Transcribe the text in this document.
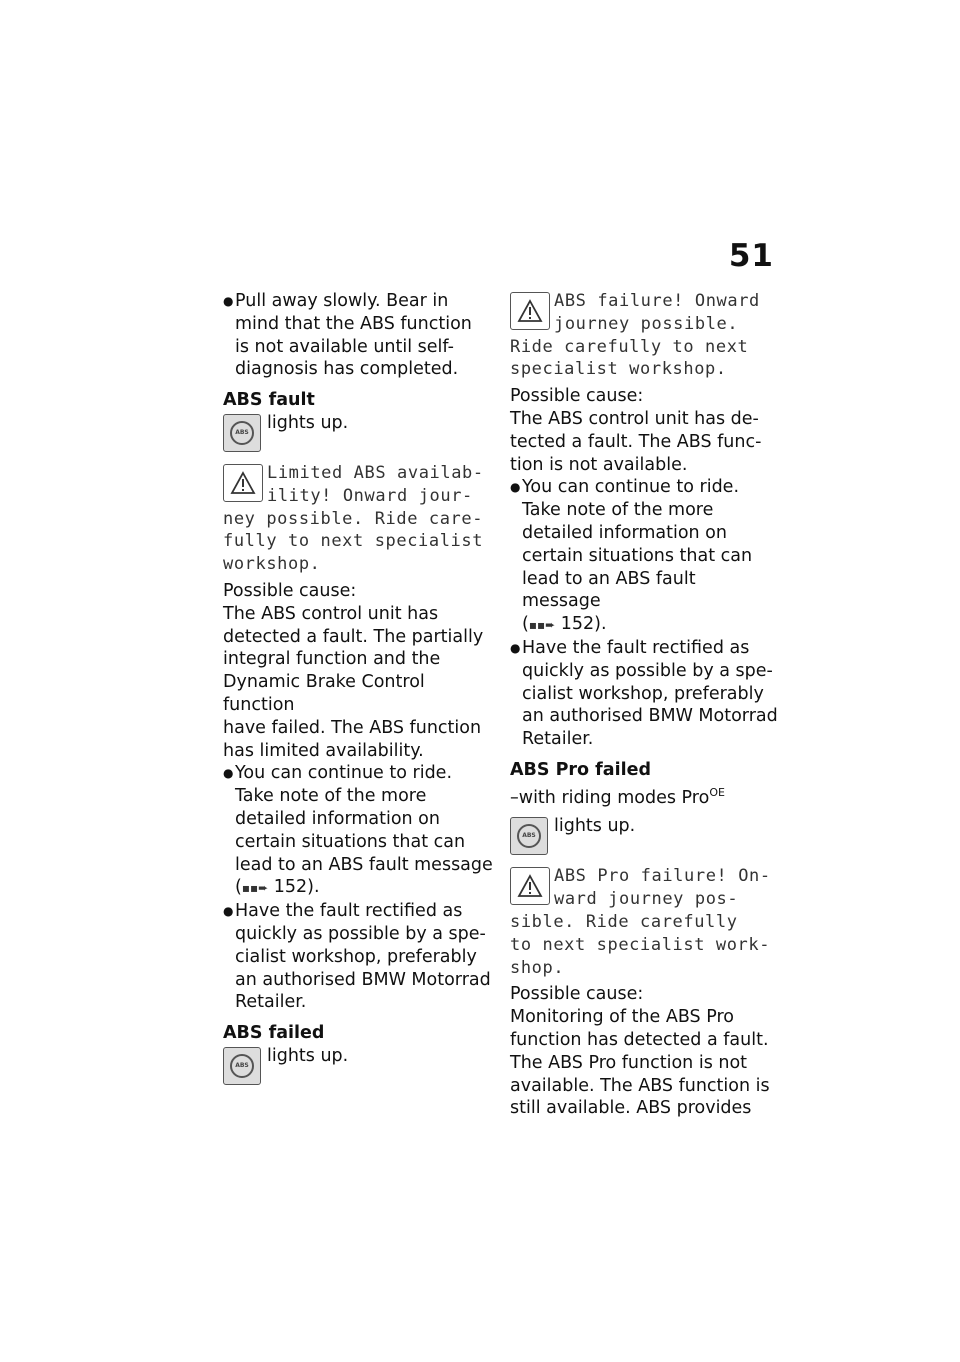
51
● Pull away slowly. Bear in
mind that the ABS function
is not available until self-
diagnosis has completed.
ABS fault
ABS	lights up.
Limited ABS availab-
ility! Onward jour-
ney possible. Ride care-
fully to next specialist
workshop.
Possible cause:
The ABS control unit has
detected a fault. The partially
integral function and the
Dynamic Brake Control function
have failed. The ABS function
has limited availability.
● You can continue to ride.
Take note of the more
detailed information on
certain situations that can
lead to an ABS fault message
(▪▪➨ 152).
● Have the fault rectified as
quickly as possible by a spe-
cialist workshop, preferably
an authorised BMW Motorrad
Retailer.
ABS failed
ABS	lights up.
ABS failure! Onward
journey possible.
Ride carefully to next
specialist workshop.
Possible cause:
The ABS control unit has de-
tected a fault. The ABS func-
tion is not available.
● You can continue to ride.
Take note of the more
detailed information on
certain situations that can
lead to an ABS fault message
(▪▪➨ 152).
● Have the fault rectified as
quickly as possible by a spe-
cialist workshop, preferably
an authorised BMW Motorrad
Retailer.
ABS Pro failed
–with riding modes Pro$^{OE}$
ABS	lights up.
ABS Pro failure! On-
ward journey pos-
sible. Ride carefully
to next specialist work-
shop.
Possible cause:
Monitoring of the ABS Pro
function has detected a fault.
The ABS Pro function is not
available. The ABS function is
still available. ABS provides
